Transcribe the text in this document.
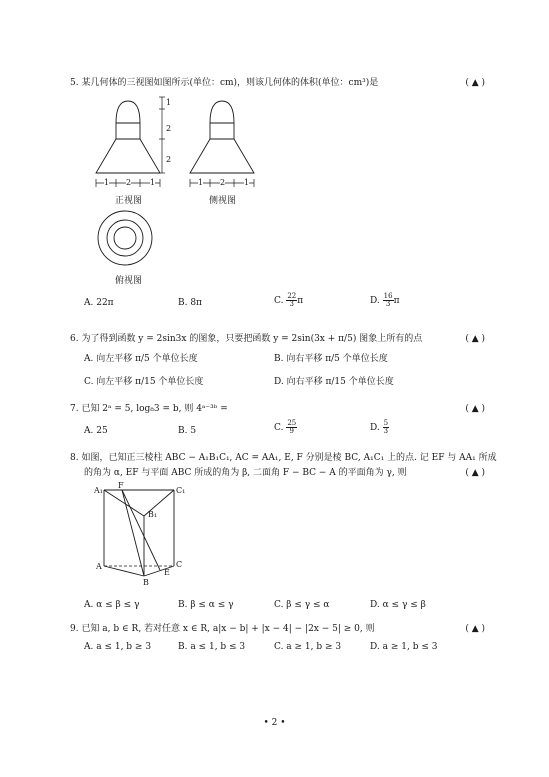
5. 某几何体的三视图如图所示(单位：cm)，则该几何体的体积(单位：cm³)是	( ▲ )
1
2
2
1 2 1	1 2 1
正视图	侧视图
俯视图
A. 22π	B. 8π	C. $\frac{22}{3}$ π	D. $\frac{16}{3}$ π
6. 为了得到函数 y = 2sin3x 的图象，只要把函数 y = 2sin(3x + π/5) 图象上所有的点	( ▲ )
A. 向左平移 π/5 个单位长度	B. 向右平移 π/5 个单位长度
C. 向左平移 π/15 个单位长度	D. 向右平移 π/15 个单位长度
7. 已知 2ᵃ = 5, log₈3 = b, 则 4ᵃ⁻³ᵇ =	( ▲ )
A. 25	B. 5	C. $\frac{25}{9}$	D. $\frac{5}{3}$
8. 如图，已知正三棱柱 ABC − A₁B₁C₁, AC = AA₁, E, F 分别是棱 BC, A₁C₁ 上的点. 记 EF 与 AA₁ 所成
的角为 α, EF 与平面 ABC 所成的角为 β, 二面角 F − BC − A 的平面角为 γ, 则	( ▲ )
A₁
F
C₁
B₁
A	C
E
B
A. α ≤ β ≤ γ	B. β ≤ α ≤ γ	C. β ≤ γ ≤ α	D. α ≤ γ ≤ β
9. 已知 a, b ∈ R, 若对任意 x ∈ R, a|x − b| + |x − 4| − |2x − 5| ≥ 0, 则	( ▲ )
A. a ≤ 1, b ≥ 3	B. a ≤ 1, b ≤ 3	C. a ≥ 1, b ≥ 3	D. a ≥ 1, b ≤ 3
• 2 •
